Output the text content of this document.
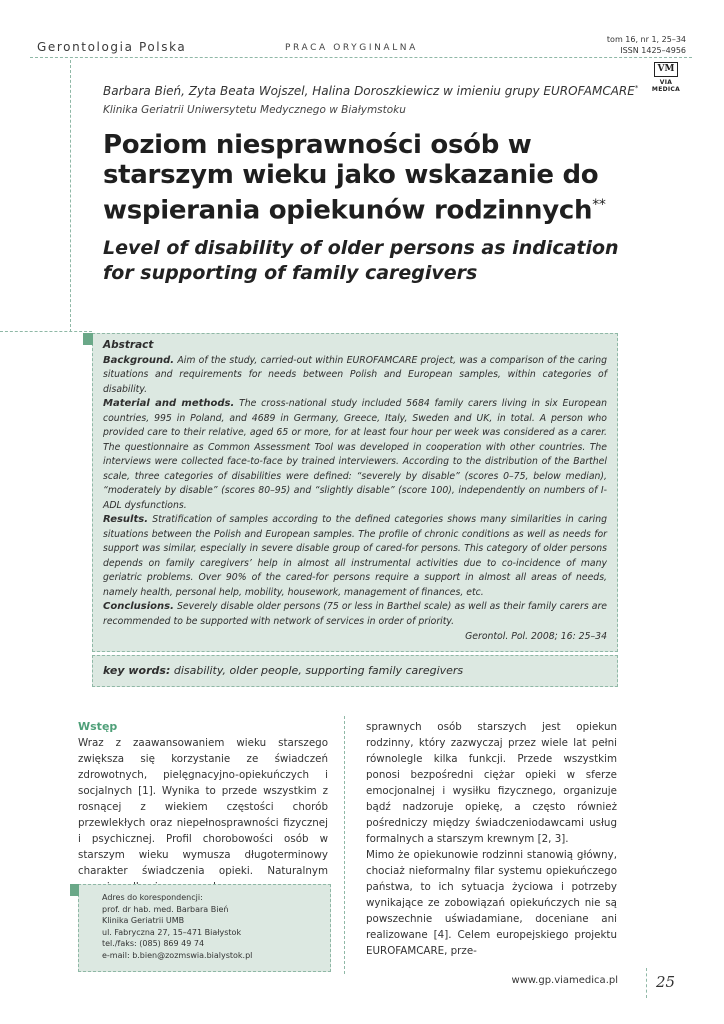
Gerontologia Polska	PRACA ORYGINALNA
tom 16, nr 1, 25–34
ISSN 1425–4956
VM
VIA MEDICA
Barbara Bień, Zyta Beata Wojszel, Halina Doroszkiewicz w imieniu grupy EUROFAMCARE*
Klinika Geriatrii Uniwersytetu Medycznego w Białymstoku
Poziom niesprawności osób w starszym wieku jako wskazanie do wspierania opiekunów rodzinnych**
Level of disability of older persons as indication for supporting of family caregivers
Abstract

Background. Aim of the study, carried-out within EUROFAMCARE project, was a comparison of the caring situations and requirements for needs between Polish and European samples, within categories of disability.

Material and methods. The cross-national study included 5684 family carers living in six European countries, 995 in Poland, and 4689 in Germany, Greece, Italy, Sweden and UK, in total. A person who provided care to their relative, aged 65 or more, for at least four hour per week was considered as a carer. The questionnaire as Common Assessment Tool was developed in cooperation with other countries. The interviews were collected face-to-face by trained interviewers. According to the distribution of the Barthel scale, three categories of disabilities were defined: “severely by disable” (scores 0–75, below median), “moderately by disable” (scores 80–95) and “slightly disable” (score 100), independently on numbers of I-ADL dysfunctions.

Results. Stratification of samples according to the defined categories shows many similarities in caring situations between the Polish and European samples. The profile of chronic conditions as well as needs for support was similar, especially in severe disable group of cared-for persons. This category of older persons depends on family caregivers’ help in almost all instrumental activities due to co-incidence of many geriatric problems. Over 90% of the cared-for persons require a support in almost all areas of needs, namely health, personal help, mobility, housework, management of finances, etc.

Conclusions. Severely disable older persons (75 or less in Barthel scale) as well as their family carers are recommended to be supported with network of services in order of priority.

Gerontol. Pol. 2008; 16: 25–34

key words: disability, older people, supporting family caregivers
Wstęp

Wraz z zaawansowaniem wieku starszego zwiększa się korzystanie ze świadczeń zdrowotnych, pielęgnacyjno-opiekuńczych i socjalnych [1]. Wynika to przede wszystkim z rosnącej z wiekiem częstości chorób przewlekłych oraz niepełnosprawności fizycznej i psychicznej. Profil chorobowości osób w starszym wieku wymusza długoterminowy charakter świadczenia opieki. Naturalnym

sprawnych osób starszych jest opiekun rodzinny, który zazwyczaj przez wiele lat pełni równolegle kilka funkcji. Przede wszystkim ponosi bezpośredni ciężar opieki w sferze emocjonalnej i wysiłku fizycznego, organizuje bądź nadzoruje opiekę, a często również pośredniczy między świadczeniodawcami usług formalnych a starszym krewnym [2, 3].

Mimo że opiekunowie rodzinni stanowią główny, chociaż nieformalny filar systemu opiekuńczego państwa, to ich sytuacja życiowa i potrzeby wynikające ze zobowiązań opiekuńczych nie są powszechnie uświadamiane, doceniane ani realizowane [4]. Celem europejskiego projektu EUROFAMCARE, prze-

Adres do korespondencji:
prof. dr hab. med. Barbara Bień
Klinika Geriatrii UMB
ul. Fabryczna 27, 15–471 Białystok
tel./faks: (085) 869 49 74
e-mail: b.bien@zozmswia.bialystok.pl
www.gp.viamedica.pl	25
